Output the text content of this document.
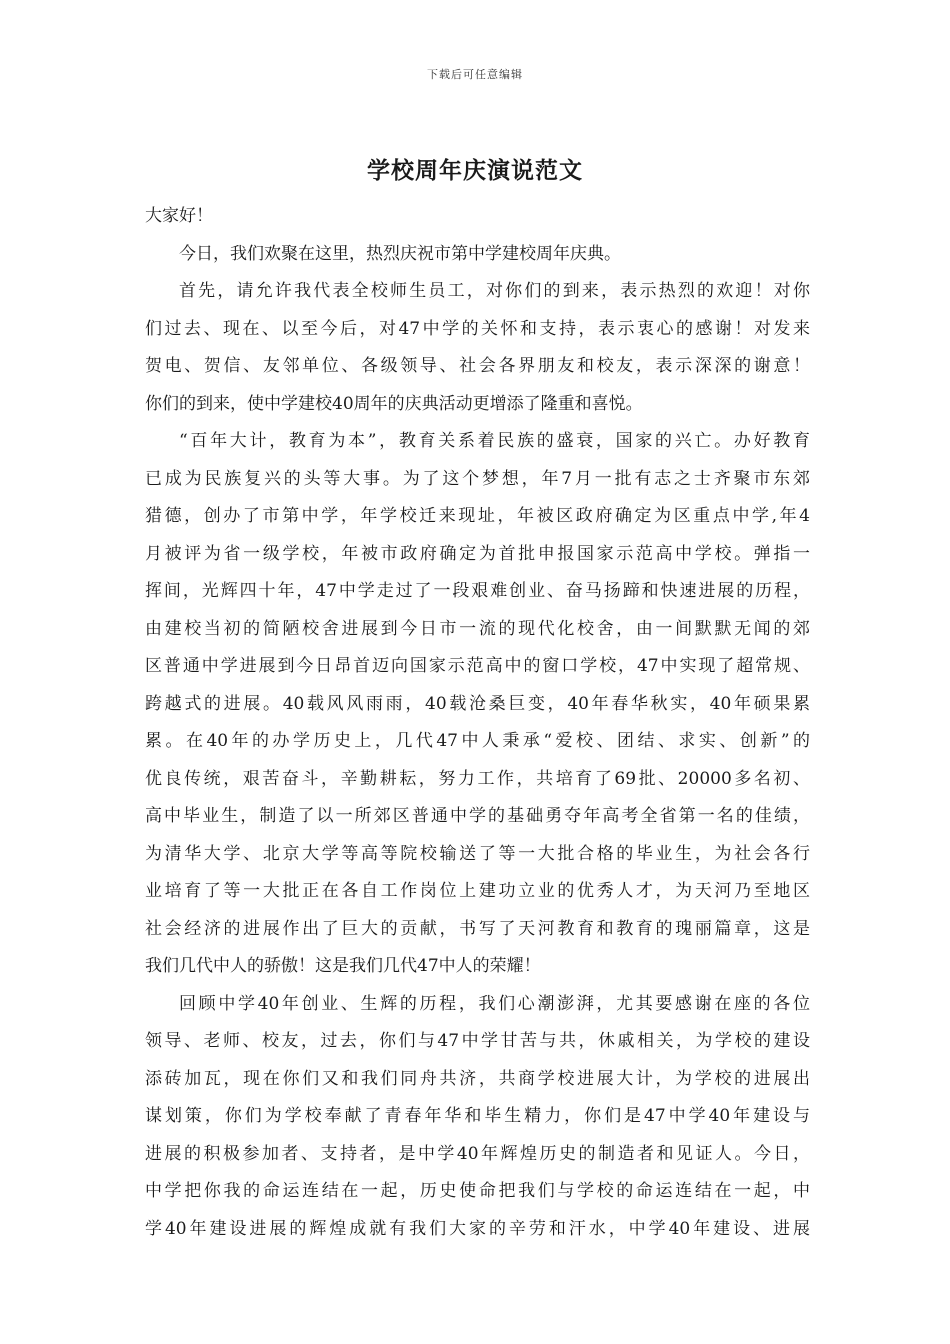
下载后可任意编辑
学校周年庆演说范文
大家好！
今日，我们欢聚在这里，热烈庆祝市第中学建校周年庆典。
首先，请允许我代表全校师生员工，对你们的到来，表示热烈的欢迎！对你
们过去、现在、以至今后，对47中学的关怀和支持，表示衷心的感谢！对发来
贺电、贺信、友邻单位、各级领导、社会各界朋友和校友，表示深深的谢意！
你们的到来，使中学建校40周年的庆典活动更增添了隆重和喜悦。
“百年大计，教育为本”，教育关系着民族的盛衰，国家的兴亡。办好教育
已成为民族复兴的头等大事。为了这个梦想，年7月一批有志之士齐聚市东郊
猎德，创办了市第中学，年学校迁来现址，年被区政府确定为区重点中学,年4
月被评为省一级学校，年被市政府确定为首批申报国家示范高中学校。弹指一
挥间，光辉四十年，47中学走过了一段艰难创业、奋马扬蹄和快速进展的历程，
由建校当初的简陋校舍进展到今日市一流的现代化校舍，由一间默默无闻的郊
区普通中学进展到今日昂首迈向国家示范高中的窗口学校，47中实现了超常规、
跨越式的进展。40载风风雨雨，40载沧桑巨变，40年春华秋实，40年硕果累
累。在40年的办学历史上，几代47中人秉承“爱校、团结、求实、创新”的
优良传统，艰苦奋斗，辛勤耕耘，努力工作，共培育了69批、20000多名初、
高中毕业生，制造了以一所郊区普通中学的基础勇夺年高考全省第一名的佳绩，
为清华大学、北京大学等高等院校输送了等一大批合格的毕业生，为社会各行
业培育了等一大批正在各自工作岗位上建功立业的优秀人才，为天河乃至地区
社会经济的进展作出了巨大的贡献，书写了天河教育和教育的瑰丽篇章，这是
我们几代中人的骄傲！这是我们几代47中人的荣耀！
回顾中学40年创业、生辉的历程，我们心潮澎湃，尤其要感谢在座的各位
领导、老师、校友，过去，你们与47中学甘苦与共，休戚相关，为学校的建设
添砖加瓦，现在你们又和我们同舟共济，共商学校进展大计，为学校的进展出
谋划策，你们为学校奉献了青春年华和毕生精力，你们是47中学40年建设与
进展的积极参加者、支持者，是中学40年辉煌历史的制造者和见证人。今日，
中学把你我的命运连结在一起，历史使命把我们与学校的命运连结在一起，中
学40年建设进展的辉煌成就有我们大家的辛劳和汗水，中学40年建设、进展
